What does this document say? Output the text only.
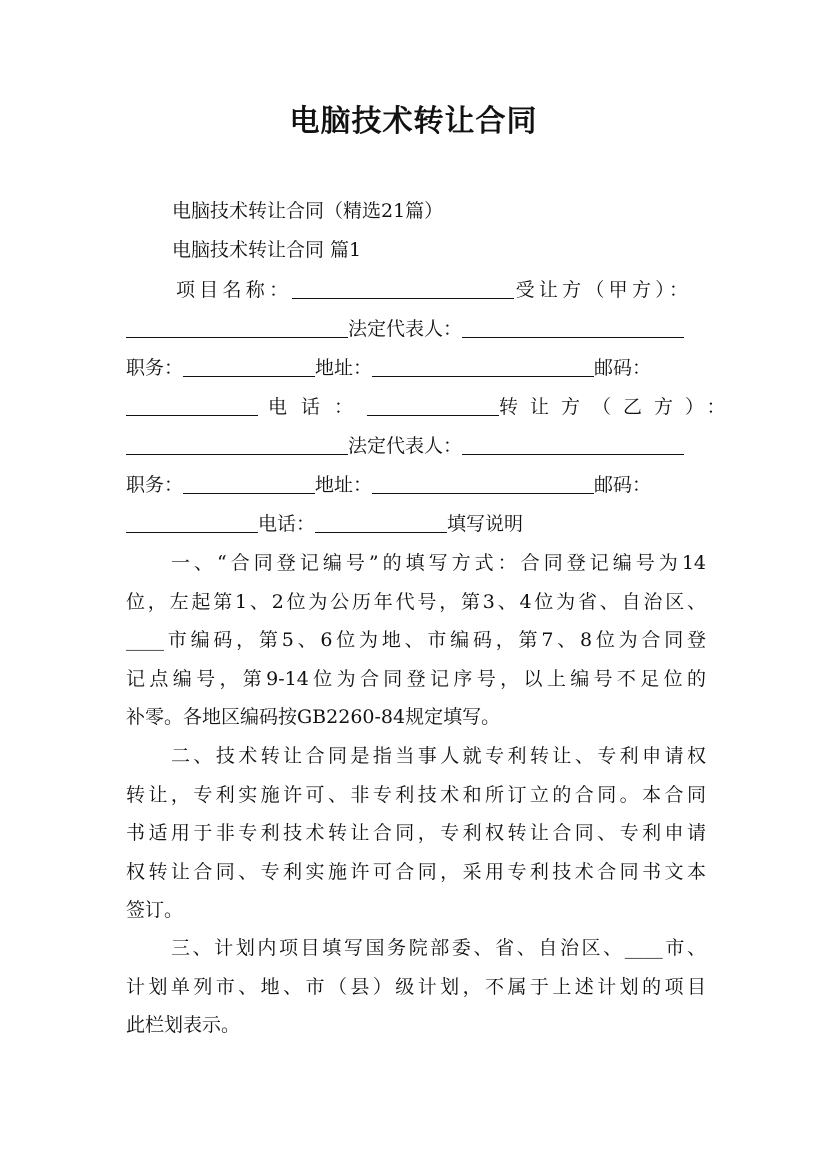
电脑技术转让合同
电脑技术转让合同（精选21篇）
电脑技术转让合同 篇1
项目名称：	受让方（甲方）：
法定代表人：
职务：	地址：	邮码：
电话：	转让方（乙方）：
法定代表人：
职务：	地址：	邮码：
电话：	填写说明
一、“合同登记编号”的填写方式：合同登记编号为14
位，左起第1、2位为公历年代号，第3、4位为省、自治区、
____市编码，第5、6位为地、市编码，第7、8位为合同登
记点编号，第9-14位为合同登记序号，以上编号不足位的
补零。各地区编码按GB2260-84规定填写。
二、技术转让合同是指当事人就专利转让、专利申请权
转让，专利实施许可、非专利技术和所订立的合同。本合同
书适用于非专利技术转让合同，专利权转让合同、专利申请
权转让合同、专利实施许可合同，采用专利技术合同书文本
签订。
三、计划内项目填写国务院部委、省、自治区、____市、
计划单列市、地、市（县）级计划，不属于上述计划的项目
此栏划表示。
